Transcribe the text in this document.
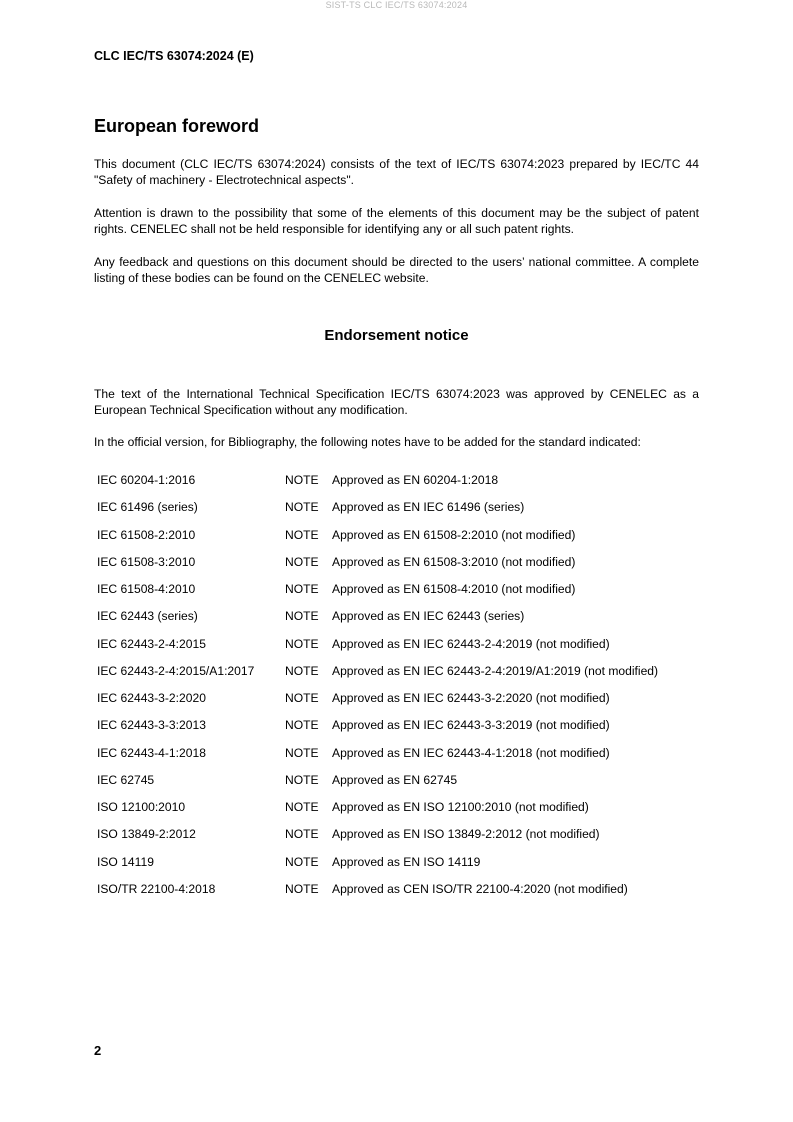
SIST-TS CLC IEC/TS 63074:2024
CLC IEC/TS 63074:2024 (E)
European foreword

This document (CLC IEC/TS 63074:2024) consists of the text of IEC/TS 63074:2023 prepared by IEC/TC 44 "Safety of machinery - Electrotechnical aspects".

Attention is drawn to the possibility that some of the elements of this document may be the subject of patent rights. CENELEC shall not be held responsible for identifying any or all such patent rights.

Any feedback and questions on this document should be directed to the users’ national committee. A complete listing of these bodies can be found on the CENELEC website.

Endorsement notice

The text of the International Technical Specification IEC/TS 63074:2023 was approved by CENELEC as a European Technical Specification without any modification.

In the official version, for Bibliography, the following notes have to be added for the standard indicated:

IEC 60204-1:2016	NOTE Approved as EN 60204-1:2018
IEC 61496 (series)	NOTE Approved as EN IEC 61496 (series)
IEC 61508-2:2010	NOTE Approved as EN 61508-2:2010 (not modified)
IEC 61508-3:2010	NOTE Approved as EN 61508-3:2010 (not modified)
IEC 61508-4:2010	NOTE Approved as EN 61508-4:2010 (not modified)
IEC 62443 (series)	NOTE Approved as EN IEC 62443 (series)
IEC 62443-2-4:2015	NOTE Approved as EN IEC 62443-2-4:2019 (not modified)
IEC 62443-2-4:2015/A1:2017	NOTE Approved as EN IEC 62443-2-4:2019/A1:2019 (not modified)
IEC 62443-3-2:2020	NOTE Approved as EN IEC 62443-3-2:2020 (not modified)
IEC 62443-3-3:2013	NOTE Approved as EN IEC 62443-3-3:2019 (not modified)
IEC 62443-4-1:2018	NOTE Approved as EN IEC 62443-4-1:2018 (not modified)
IEC 62745	NOTE Approved as EN 62745
ISO 12100:2010	NOTE Approved as EN ISO 12100:2010 (not modified)
ISO 13849-2:2012	NOTE Approved as EN ISO 13849-2:2012 (not modified)
ISO 14119	NOTE Approved as EN ISO 14119
ISO/TR 22100-4:2018	NOTE Approved as CEN ISO/TR 22100-4:2020 (not modified)
2
